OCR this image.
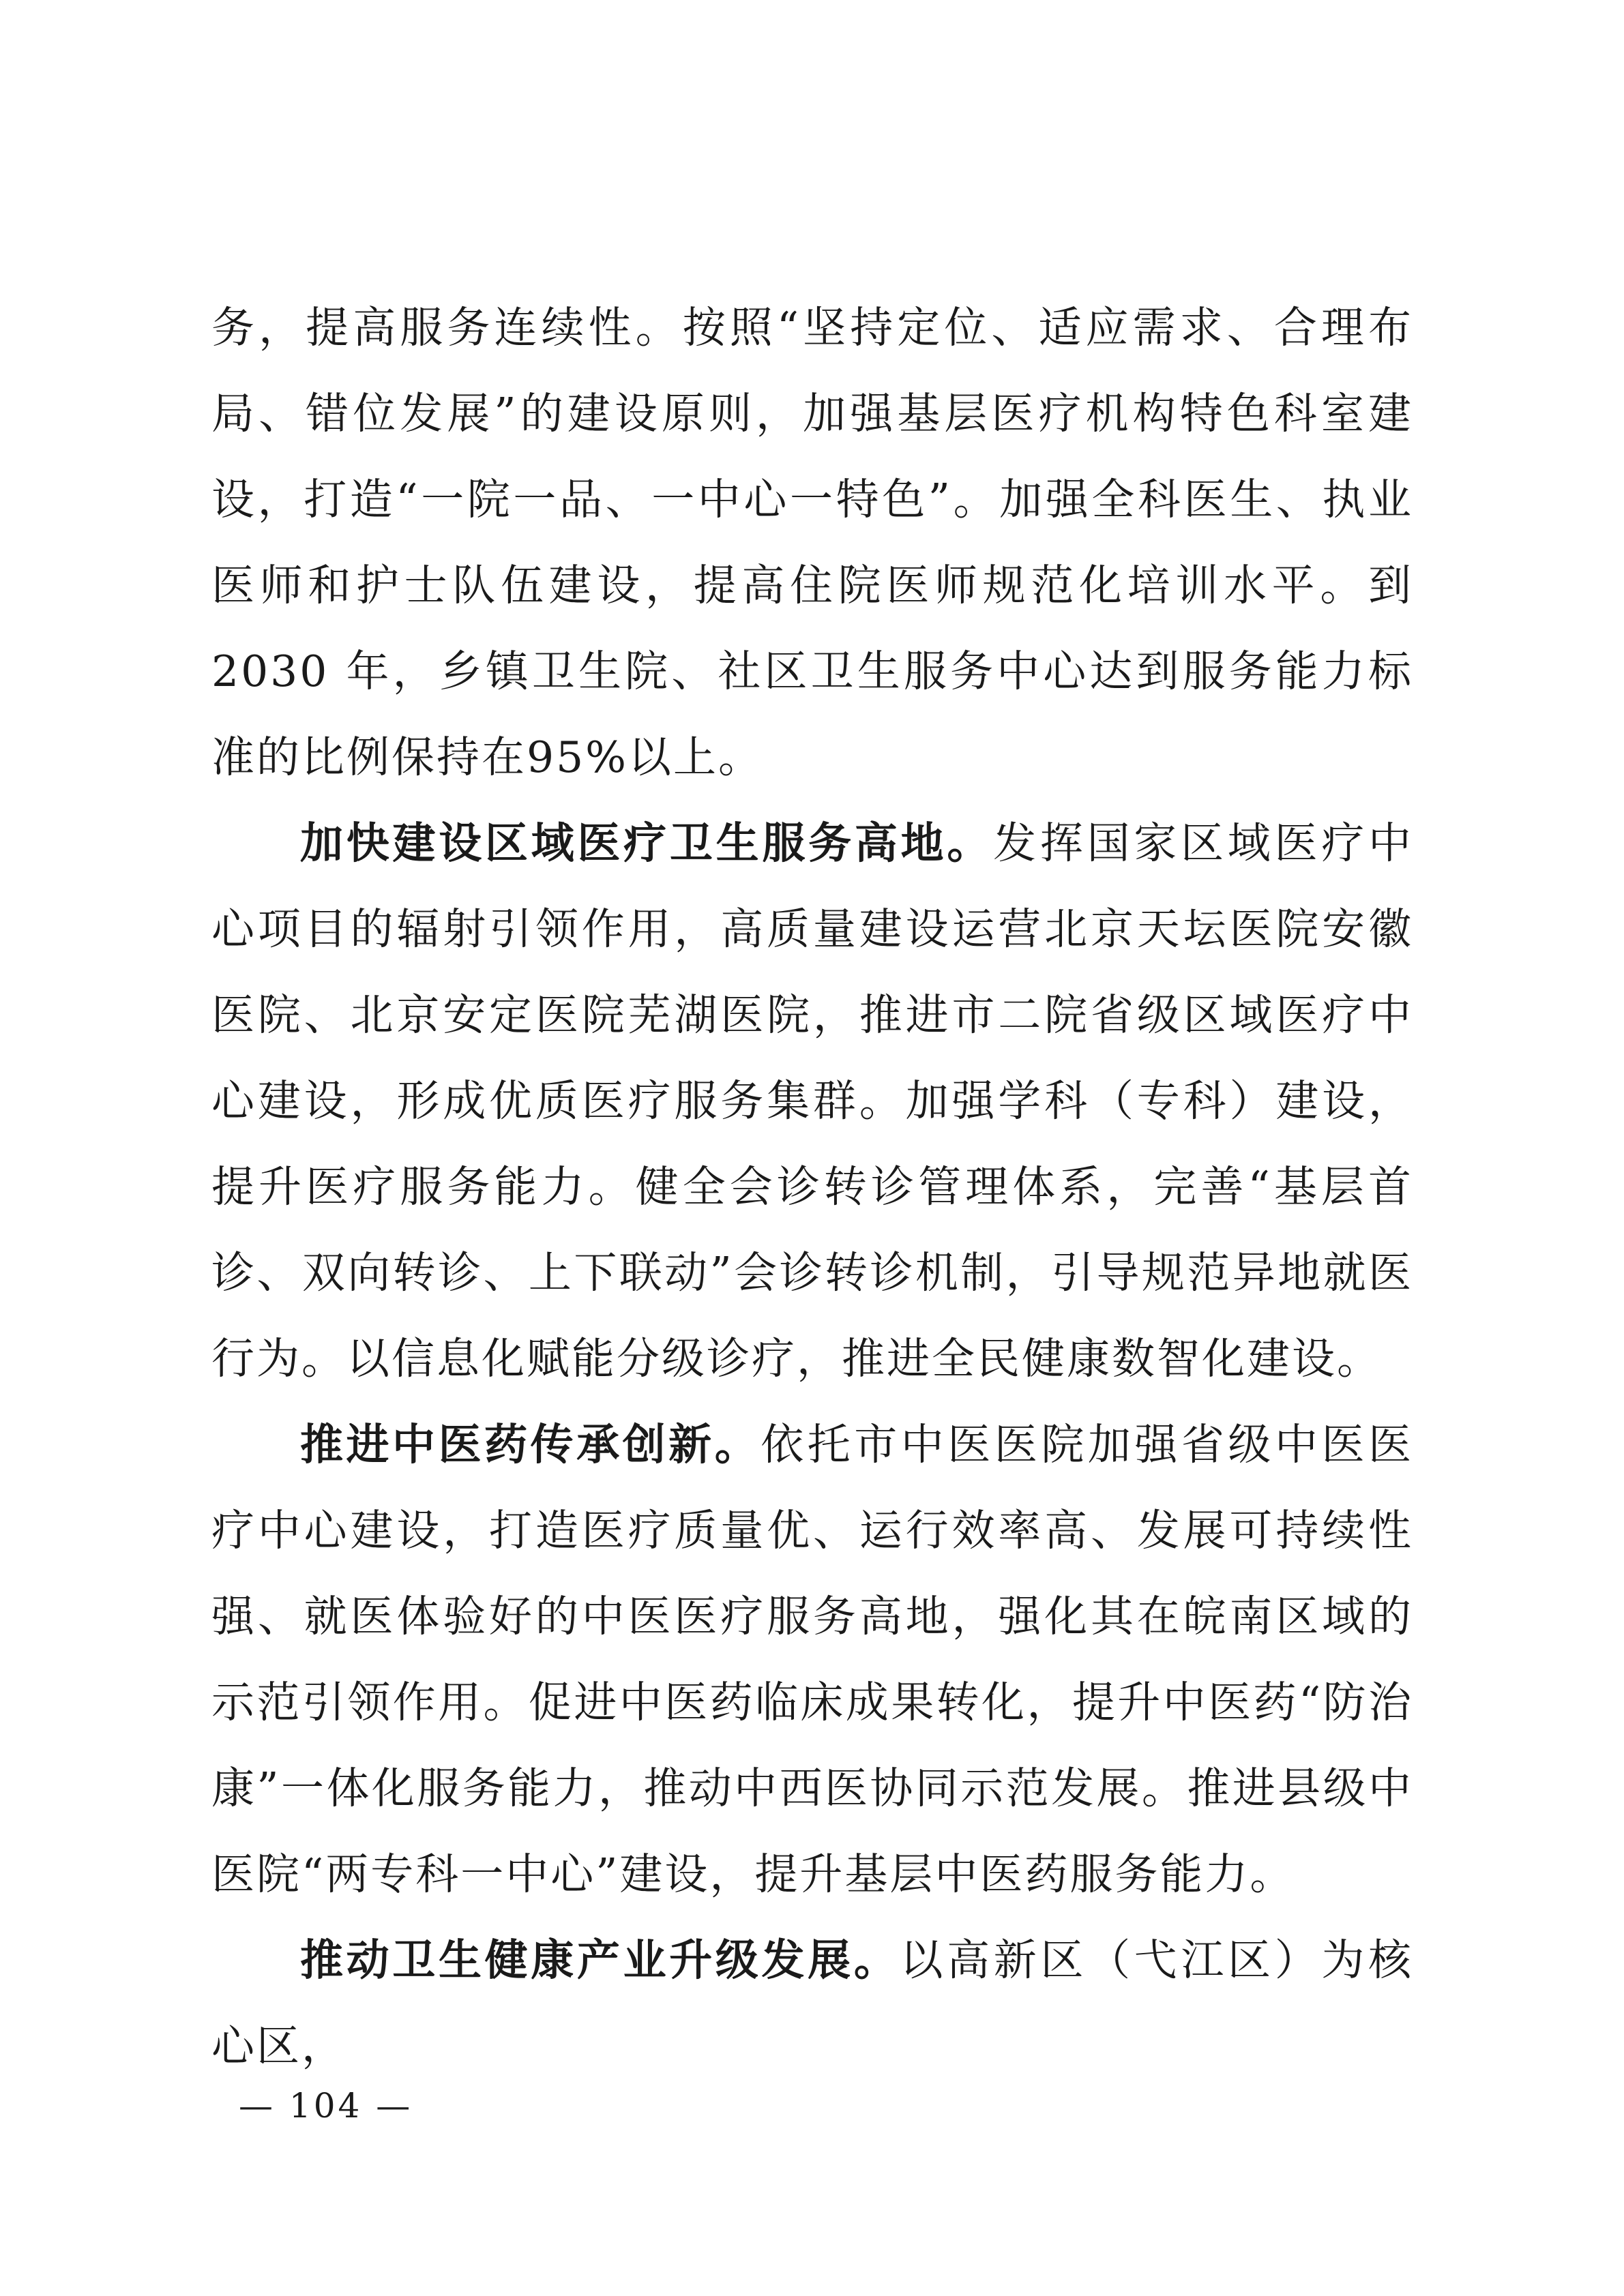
务，提高服务连续性。按照“坚持定位、适应需求、合理布局、错位发展”的建设原则，加强基层医疗机构特色科室建设，打造“一院一品、一中心一特色”。加强全科医生、执业医师和护士队伍建设，提高住院医师规范化培训水平。到 2030 年，乡镇卫生院、社区卫生服务中心达到服务能力标准的比例保持在95%以上。

加快建设区域医疗卫生服务高地。发挥国家区域医疗中心项目的辐射引领作用，高质量建设运营北京天坛医院安徽医院、北京安定医院芜湖医院，推进市二院省级区域医疗中心建设，形成优质医疗服务集群。加强学科（专科）建设，提升医疗服务能力。健全会诊转诊管理体系，完善“基层首诊、双向转诊、上下联动”会诊转诊机制，引导规范异地就医行为。以信息化赋能分级诊疗，推进全民健康数智化建设。

推进中医药传承创新。依托市中医医院加强省级中医医疗中心建设，打造医疗质量优、运行效率高、发展可持续性强、就医体验好的中医医疗服务高地，强化其在皖南区域的示范引领作用。促进中医药临床成果转化，提升中医药“防治康”一体化服务能力，推动中西医协同示范发展。推进县级中医院“两专科一中心”建设，提升基层中医药服务能力。

推动卫生健康产业升级发展。以高新区（弋江区）为核心区，

— 104 —
